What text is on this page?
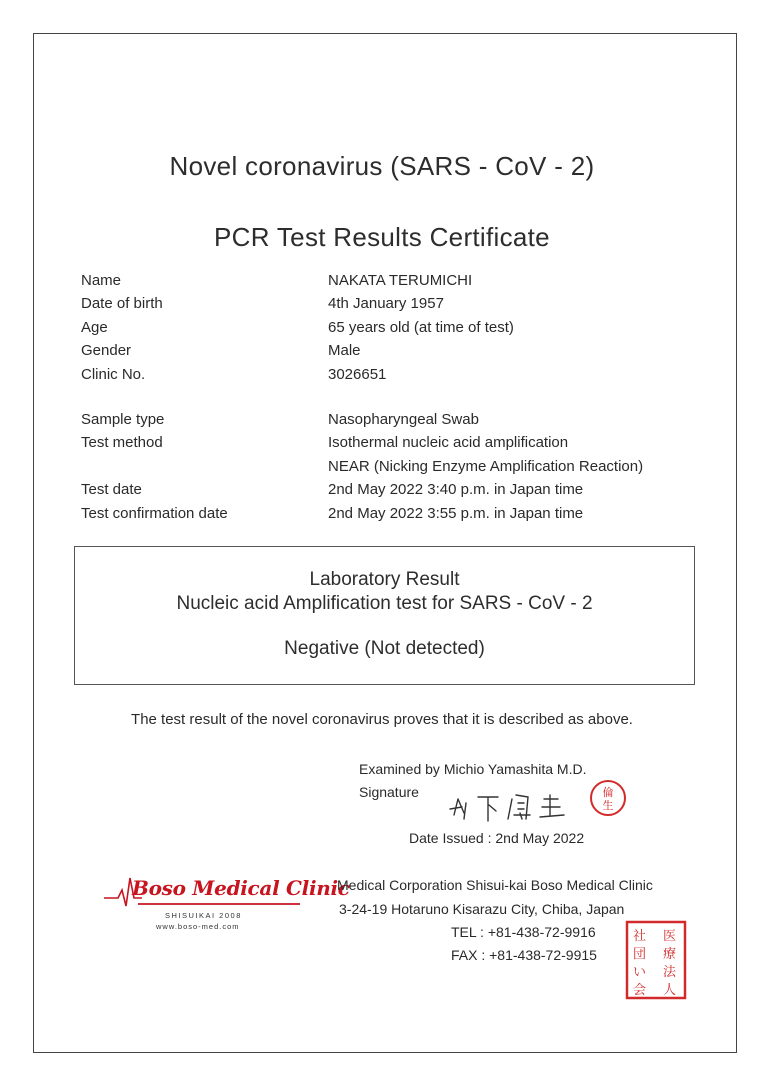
Novel coronavirus (SARS - CoV - 2)
PCR Test Results Certificate
Name	NAKATA TERUMICHI
Date of birth	4th January 1957
Age	65 years old (at time of test)
Gender	Male
Clinic No.	3026651
Sample type	Nasopharyngeal Swab
Test method	Isothermal nucleic acid amplification
NEAR (Nicking Enzyme Amplification Reaction)
Test date	2nd May 2022 3:40 p.m. in Japan time
Test confirmation date	2nd May 2022 3:55 p.m. in Japan time
Laboratory Result
Nucleic acid Amplification test for SARS - CoV - 2
Negative (Not detected)
The test result of the novel coronavirus proves that it is described as above.
Examined by Michio Yamashita M.D.
Signature	倫
生
Date Issued : 2nd May 2022
Boso Medical Clinic
SHISUIKAI 2008
www.boso-med.com
Medical Corporation Shisui-kai Boso Medical Clinic
3-24-19 Hotaruno Kisarazu City, Chiba, Japan
TEL : +81-438-72-9916
FAX : +81-438-72-9915
医
療
法
人
社
団
い
会
